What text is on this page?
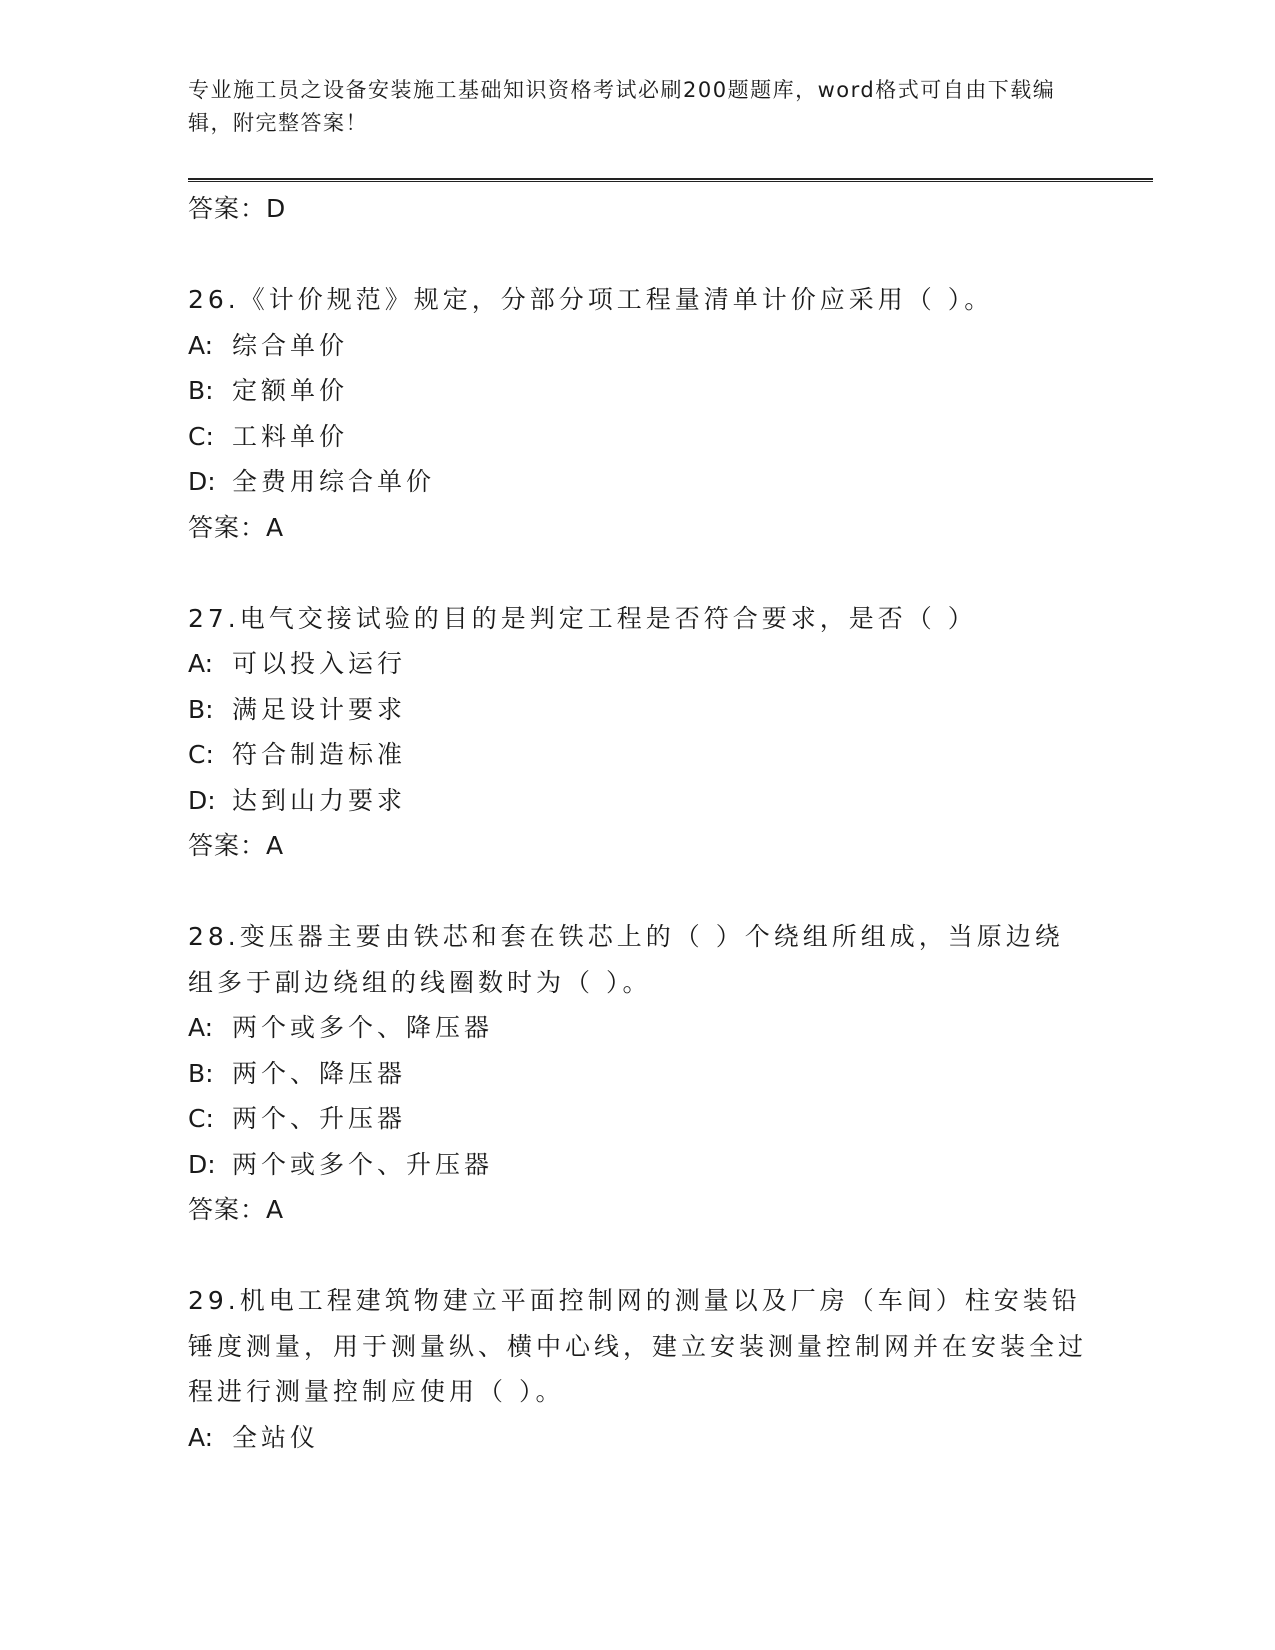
专业施工员之设备安装施工基础知识资格考试必刷200题题库，word格式可自由下载编辑，附完整答案！
答案：D
26.《计价规范》规定，分部分项工程量清单计价应采用（ ）。
A: 综合单价
B: 定额单价
C: 工料单价
D: 全费用综合单价
答案：A
27.电气交接试验的目的是判定工程是否符合要求，是否（ ）
A: 可以投入运行
B: 满足设计要求
C: 符合制造标准
D: 达到山力要求
答案：A
28.变压器主要由铁芯和套在铁芯上的（ ）个绕组所组成，当原边绕组多于副边绕组的线圈数时为（ ）。
A: 两个或多个、降压器
B: 两个、降压器
C: 两个、升压器
D: 两个或多个、升压器
答案：A
29.机电工程建筑物建立平面控制网的测量以及厂房（车间）柱安装铅锤度测量，用于测量纵、横中心线，建立安装测量控制网并在安装全过程进行测量控制应使用（ ）。
A: 全站仪
